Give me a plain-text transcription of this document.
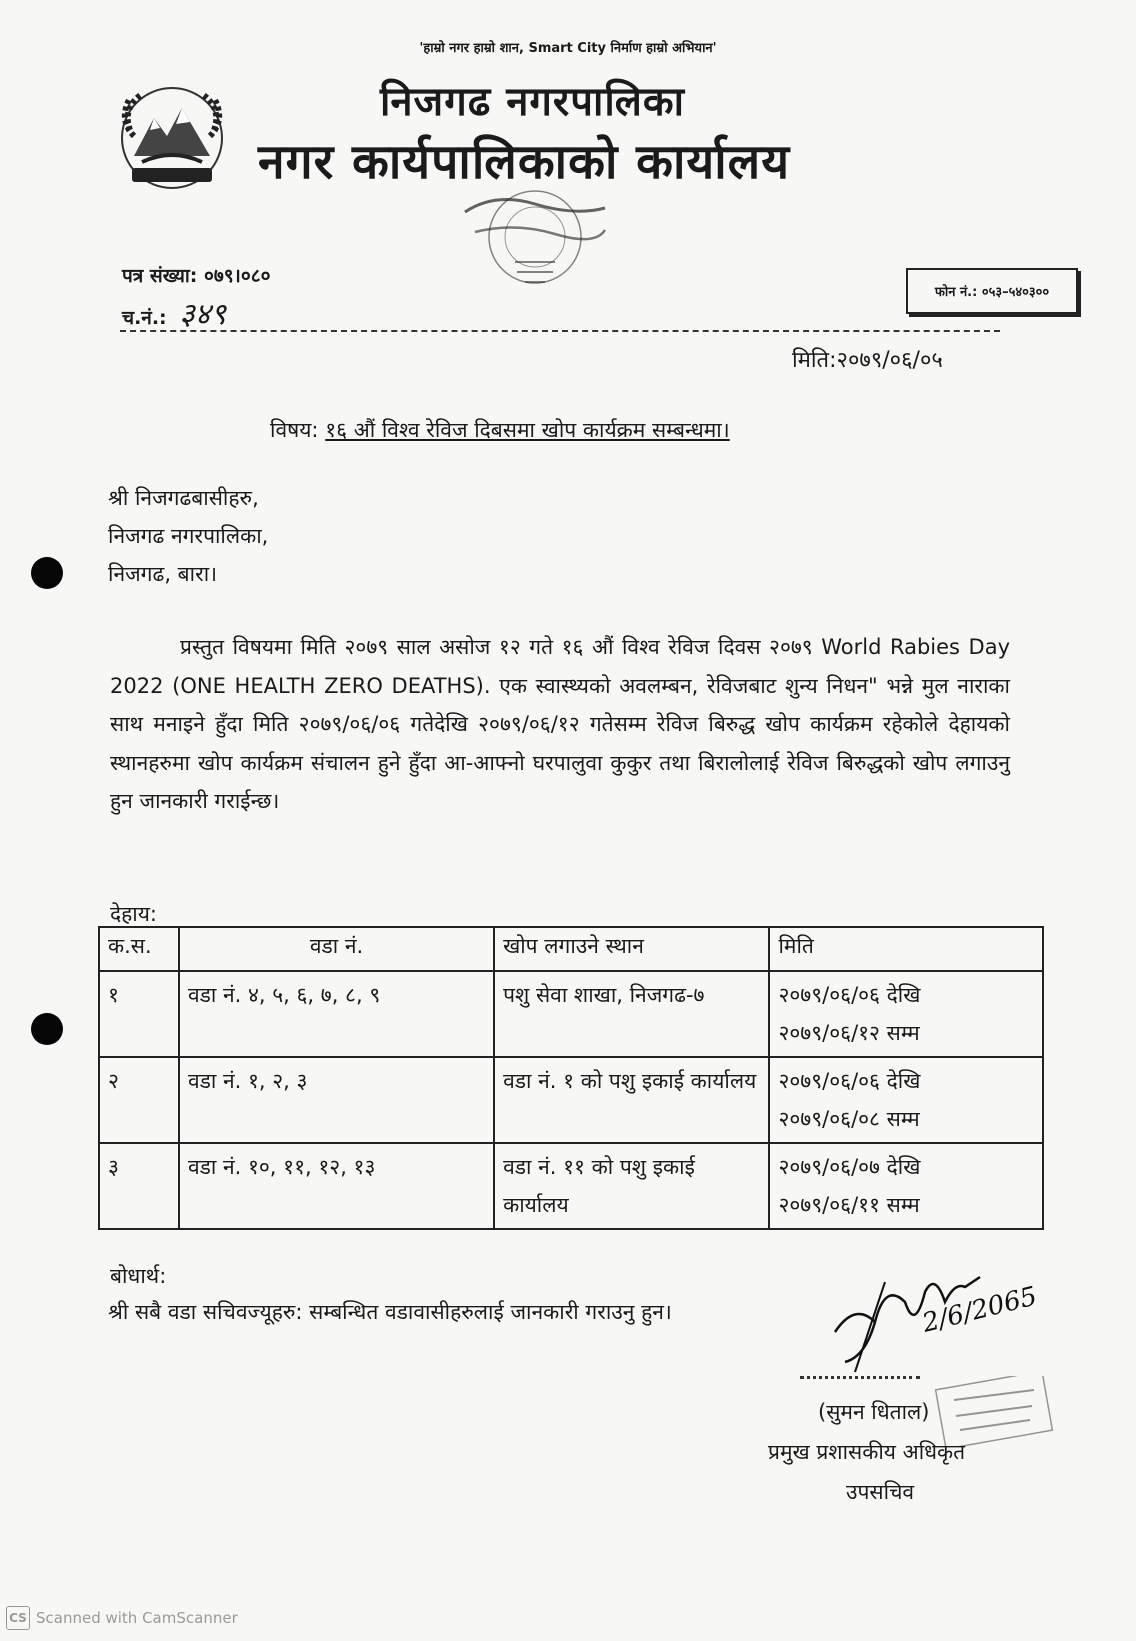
'हाम्रो नगर हाम्रो शान, Smart City निर्माण हाम्रो अभियान'
निजगढ नगरपालिका
नगर कार्यपालिकाको कार्यालय
पत्र संख्या: ०७९।०८०
च.नं.: ३४९
फोन नं.: ०५३–५४०३००
मिति:२०७९/०६/०५
विषय: १६ औं विश्व रेविज दिबसमा खोप कार्यक्रम सम्बन्धमा।
श्री निजगढबासीहरु,
निजगढ नगरपालिका,
निजगढ, बारा।

प्रस्तुत विषयमा मिति २०७९ साल असोज १२ गते १६ औं विश्व रेविज दिवस २०७९ World Rabies Day 2022 (ONE HEALTH ZERO DEATHS). एक स्वास्थ्यको अवलम्बन, रेविजबाट शुन्य निधन" भन्ने मुल नाराका साथ मनाइने हुँदा मिति २०७९/०६/०६ गतेदेखि २०७९/०६/१२ गतेसम्म रेविज बिरुद्ध खोप कार्यक्रम रहेकोले देहायको स्थानहरुमा खोप कार्यक्रम संचालन हुने हुँदा आ-आफ्नो घरपालुवा कुकुर तथा बिरालोलाई रेविज बिरुद्धको खोप लगाउनु हुन जानकारी गराईन्छ।

देहाय:
क.स.	वडा नं.	खोप लगाउने स्थान	मिति
१	वडा नं. ४, ५, ६, ७, ८, ९	पशु सेवा शाखा, निजगढ-७	२०७९/०६/०६ देखि
२०७९/०६/१२ सम्म

२	वडा नं. १, २, ३	वडा नं. १ को पशु इकाई कार्यालय	२०७९/०६/०६ देखि
२०७९/०६/०८ सम्म

३	वडा नं. १०, ११, १२, १३	वडा नं. ११ को पशु इकाई कार्यालय	२०७९/०६/०७ देखि
२०७९/०६/११ सम्म
बोधार्थ:
श्री सबै वडा सचिवज्यूहरु: सम्बन्धित वडावासीहरुलाई जानकारी गराउनु हुन।	2/6/2065
(सुमन धिताल)
प्रमुख प्रशासकीय अधिकृत
उपसचिव
CS Scanned with CamScanner
